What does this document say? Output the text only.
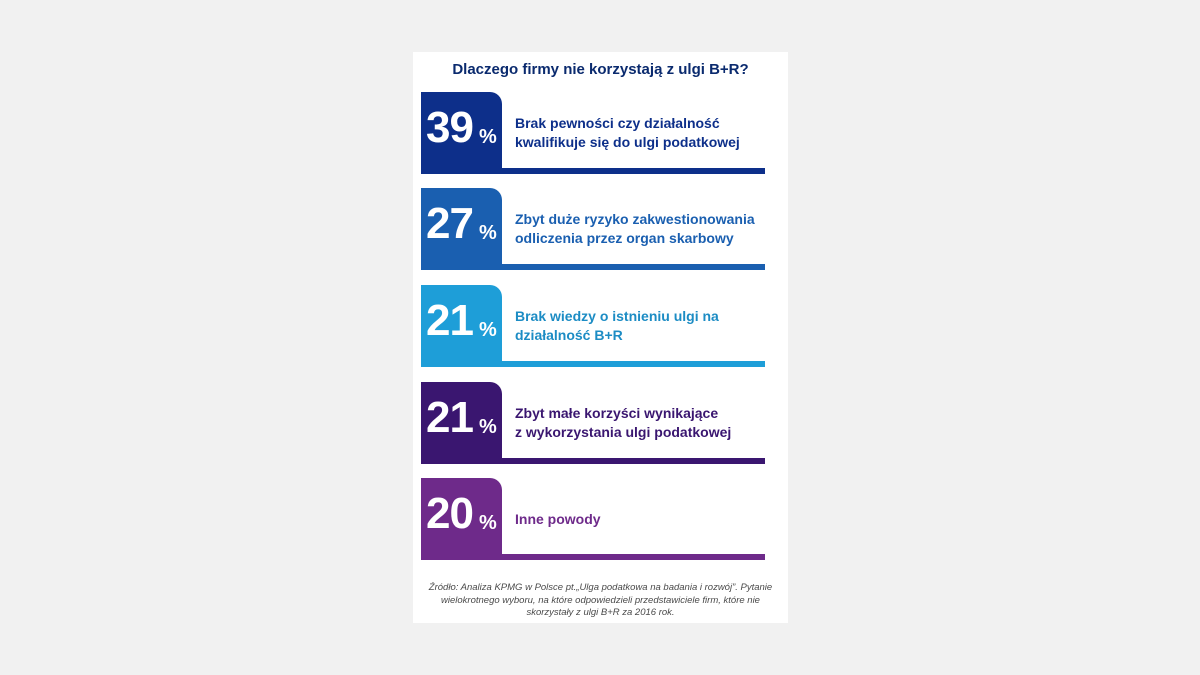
Dlaczego firmy nie korzystają z ulgi B+R?
39 %
Brak pewności czy działalność
kwalifikuje się do ulgi podatkowej
27 %
Zbyt duże ryzyko zakwestionowania
odliczenia przez organ skarbowy
21 %
Brak wiedzy o istnieniu ulgi na
działalność B+R
21 %
Zbyt małe korzyści wynikające
z wykorzystania ulgi podatkowej
20 % Inne powody
Źródło: Analiza KPMG w Polsce pt.„Ulga podatkowa na badania i rozwój”. Pytanie
wielokrotnego wyboru, na które odpowiedzieli przedstawiciele firm, które nie
skorzystały z ulgi B+R za 2016 rok.
